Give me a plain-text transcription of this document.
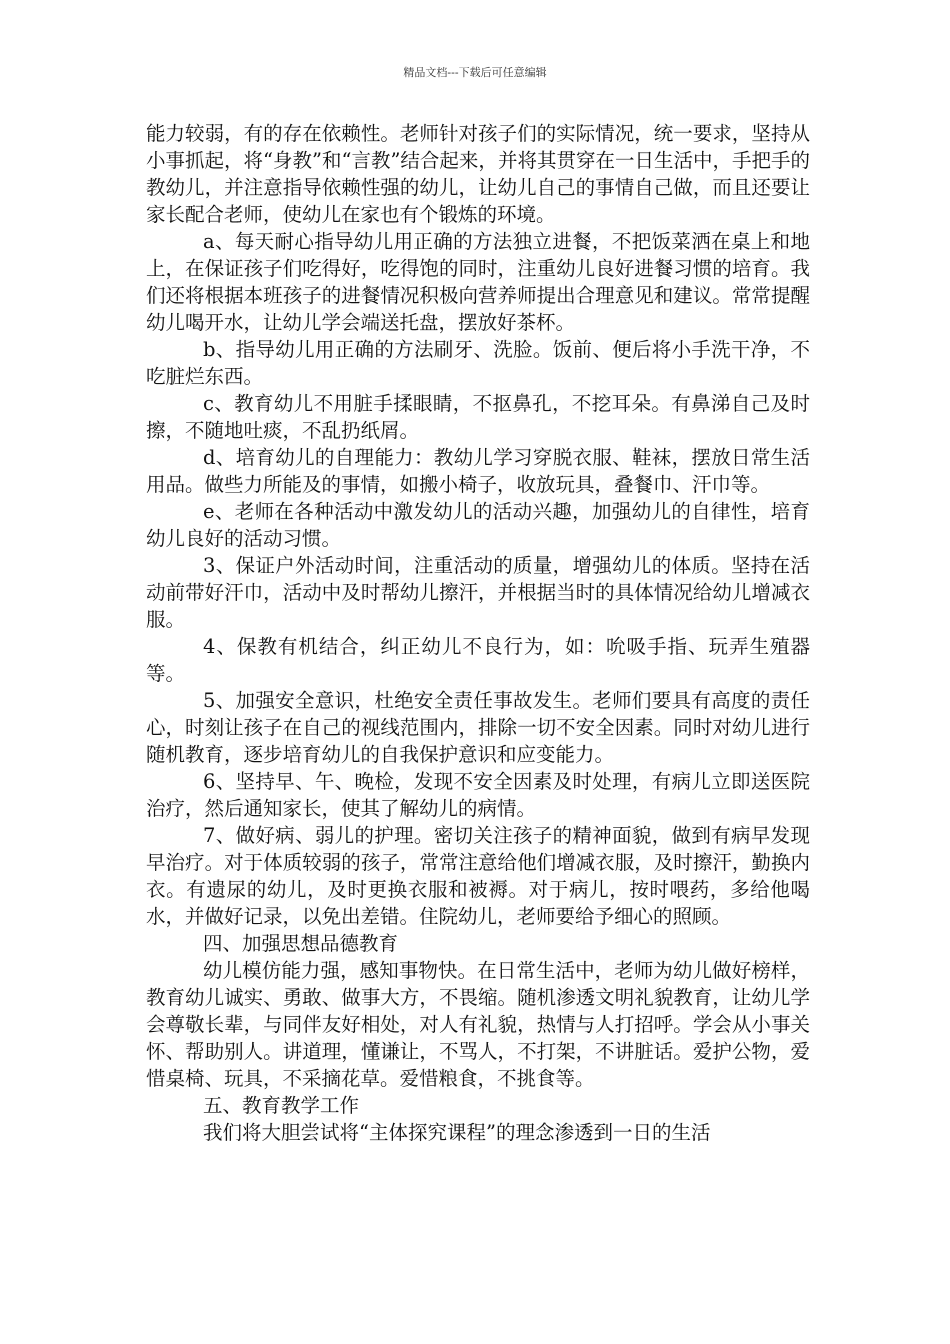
精品文档---下载后可任意编辑

能力较弱，有的存在依赖性。老师针对孩子们的实际情况，统一要求，坚持从小事抓起，将“身教”和“言教”结合起来，并将其贯穿在一日生活中，手把手的教幼儿，并注意指导依赖性强的幼儿，让幼儿自己的事情自己做，而且还要让家长配合老师，使幼儿在家也有个锻炼的环境。

a、每天耐心指导幼儿用正确的方法独立进餐，不把饭菜洒在桌上和地上，在保证孩子们吃得好，吃得饱的同时，注重幼儿良好进餐习惯的培育。我们还将根据本班孩子的进餐情况积极向营养师提出合理意见和建议。常常提醒幼儿喝开水，让幼儿学会端送托盘，摆放好茶杯。

b、指导幼儿用正确的方法刷牙、洗脸。饭前、便后将小手洗干净，不吃脏烂东西。

c、教育幼儿不用脏手揉眼睛，不抠鼻孔，不挖耳朵。有鼻涕自己及时擦，不随地吐痰，不乱扔纸屑。

d、培育幼儿的自理能力：教幼儿学习穿脱衣服、鞋袜，摆放日常生活用品。做些力所能及的事情，如搬小椅子，收放玩具，叠餐巾、汗巾等。

e、老师在各种活动中激发幼儿的活动兴趣，加强幼儿的自律性，培育幼儿良好的活动习惯。

3、保证户外活动时间，注重活动的质量，增强幼儿的体质。坚持在活动前带好汗巾，活动中及时帮幼儿擦汗，并根据当时的具体情况给幼儿增减衣服。

4、保教有机结合，纠正幼儿不良行为，如：吮吸手指、玩弄生殖器等。

5、加强安全意识，杜绝安全责任事故发生。老师们要具有高度的责任心，时刻让孩子在自己的视线范围内，排除一切不安全因素。同时对幼儿进行随机教育，逐步培育幼儿的自我保护意识和应变能力。

6、坚持早、午、晚检，发现不安全因素及时处理，有病儿立即送医院治疗，然后通知家长，使其了解幼儿的病情。

7、做好病、弱儿的护理。密切关注孩子的精神面貌，做到有病早发现早治疗。对于体质较弱的孩子，常常注意给他们增减衣服，及时擦汗，勤换内衣。有遗尿的幼儿，及时更换衣服和被褥。对于病儿，按时喂药，多给他喝水，并做好记录，以免出差错。住院幼儿，老师要给予细心的照顾。

四、加强思想品德教育

幼儿模仿能力强，感知事物快。在日常生活中，老师为幼儿做好榜样，教育幼儿诚实、勇敢、做事大方，不畏缩。随机渗透文明礼貌教育，让幼儿学会尊敬长辈，与同伴友好相处，对人有礼貌，热情与人打招呼。学会从小事关怀、帮助别人。讲道理，懂谦让，不骂人，不打架，不讲脏话。爱护公物，爱惜桌椅、玩具，不采摘花草。爱惜粮食，不挑食等。

五、教育教学工作

我们将大胆尝试将“主体探究课程”的理念渗透到一日的生活
